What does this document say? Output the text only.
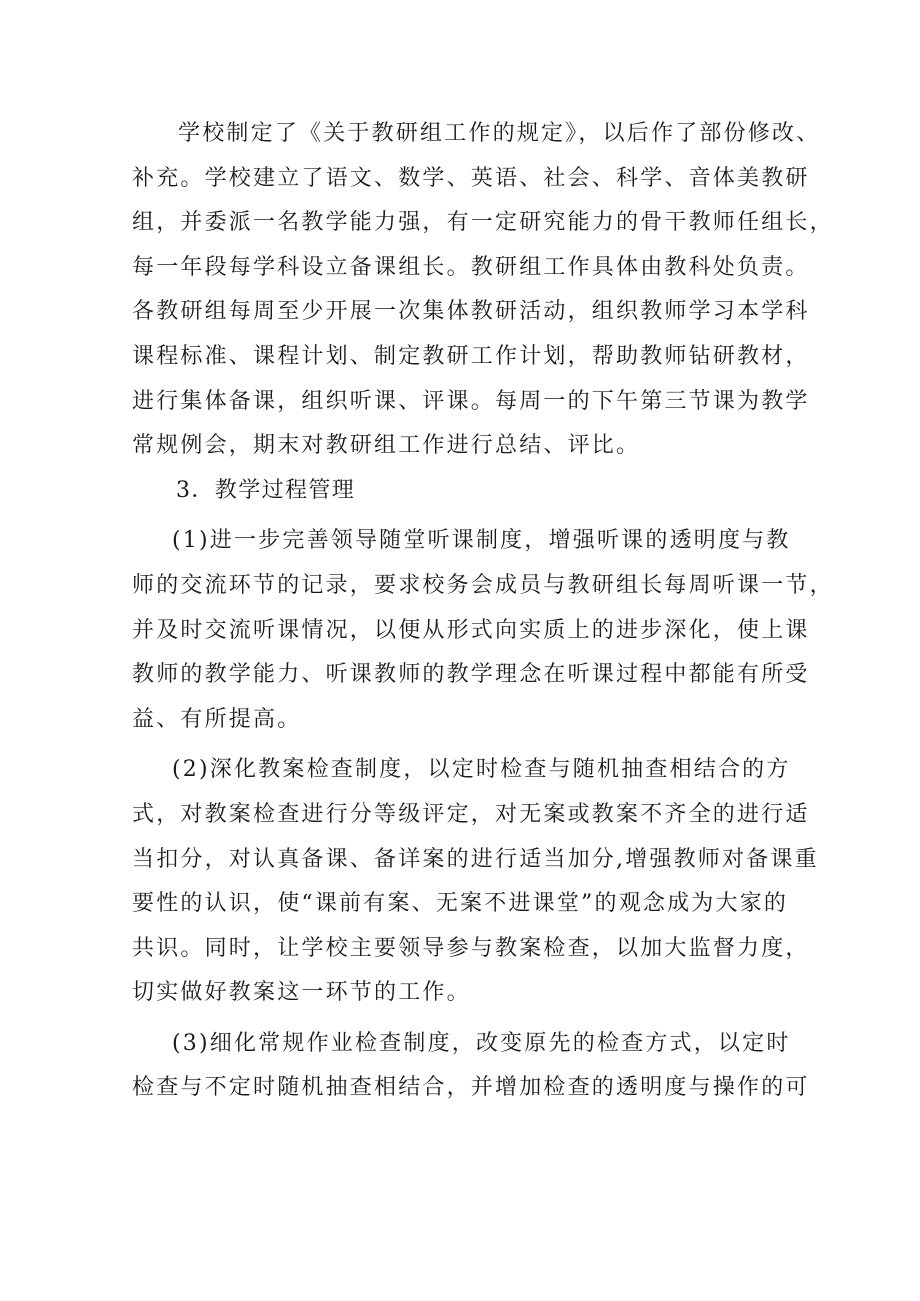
学校制定了《关于教研组工作的规定》，以后作了部份修改、
补充。学校建立了语文、数学、英语、社会、科学、音体美教研
组，并委派一名教学能力强，有一定研究能力的骨干教师任组长，
每一年段每学科设立备课组长。教研组工作具体由教科处负责。
各教研组每周至少开展一次集体教研活动，组织教师学习本学科
课程标准、课程计划、制定教研工作计划，帮助教师钻研教材，
进行集体备课，组织听课、评课。每周一的下午第三节课为教学
常规例会，期末对教研组工作进行总结、评比。
3．教学过程管理
(1)进一步完善领导随堂听课制度，增强听课的透明度与教
师的交流环节的记录，要求校务会成员与教研组长每周听课一节，
并及时交流听课情况，以便从形式向实质上的进步深化，使上课
教师的教学能力、听课教师的教学理念在听课过程中都能有所受
益、有所提高。
(2)深化教案检查制度，以定时检查与随机抽查相结合的方
式，对教案检查进行分等级评定，对无案或教案不齐全的进行适
当扣分，对认真备课、备详案的进行适当加分,增强教师对备课重
要性的认识，使“课前有案、无案不进课堂”的观念成为大家的
共识。同时，让学校主要领导参与教案检查，以加大监督力度，
切实做好教案这一环节的工作。
(3)细化常规作业检查制度，改变原先的检查方式，以定时
检查与不定时随机抽查相结合，并增加检查的透明度与操作的可
